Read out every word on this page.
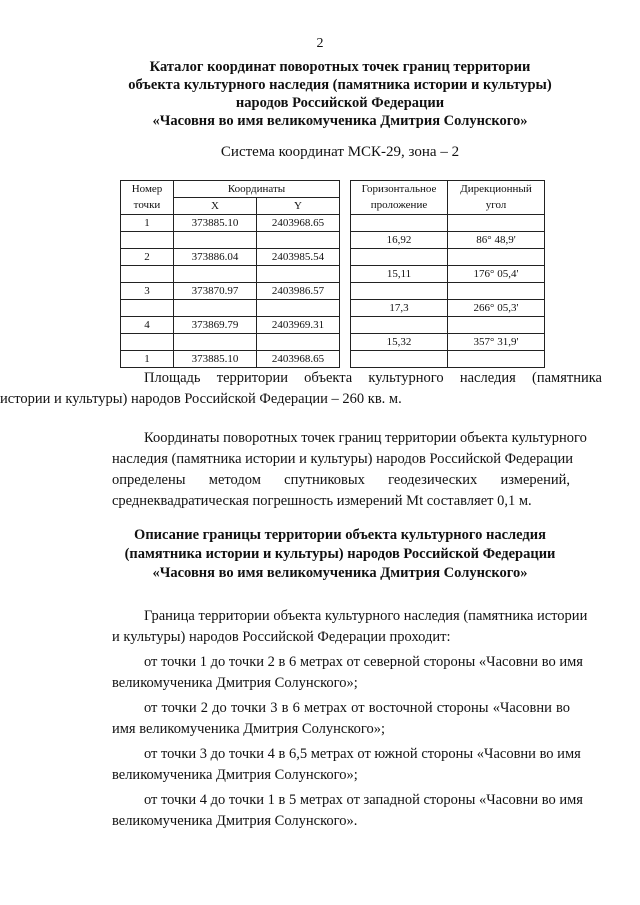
2
Каталог координат поворотных точек границ территории
объекта культурного наследия (памятника истории и культуры)
народов Российской Федерации
«Часовня во имя великомученика Дмитрия Солунского»
Система координат МСК-29, зона – 2
Номер	Координаты			Горизонтальное	Дирекционный
точки	X	Y		проложение	угол
1	373885.10	2403968.65			
				16,92	86° 48,9'
2	373886.04	2403985.54			
				15,11	176° 05,4'
3	373870.97	2403986.57			
				17,3	266° 05,3'
4	373869.79	2403969.31			
				15,32	357° 31,9'
1	373885.10	2403968.65			
Площадь территории объекта культурного наследия (памятника
истории и культуры) народов Российской Федерации – 260 кв. м.
Координаты поворотных точек границ территории объекта культурного
наследия (памятника истории и культуры) народов Российской Федерации
определены методом спутниковых геодезических измерений,
среднеквадратическая погрешность измерений Mt составляет 0,1 м.
Описание границы территории объекта культурного наследия
(памятника истории и культуры) народов Российской Федерации
«Часовня во имя великомученика Дмитрия Солунского»
Граница территории объекта культурного наследия (памятника истории
и культуры) народов Российской Федерации проходит:
от точки 1 до точки 2 в 6 метрах от северной стороны «Часовни во имя
великомученика Дмитрия Солунского»;
от точки 2 до точки 3 в 6 метрах от восточной стороны «Часовни во
имя великомученика Дмитрия Солунского»;
от точки 3 до точки 4 в 6,5 метрах от южной стороны «Часовни во имя
великомученика Дмитрия Солунского»;
от точки 4 до точки 1 в 5 метрах от западной стороны «Часовни во имя
великомученика Дмитрия Солунского».
